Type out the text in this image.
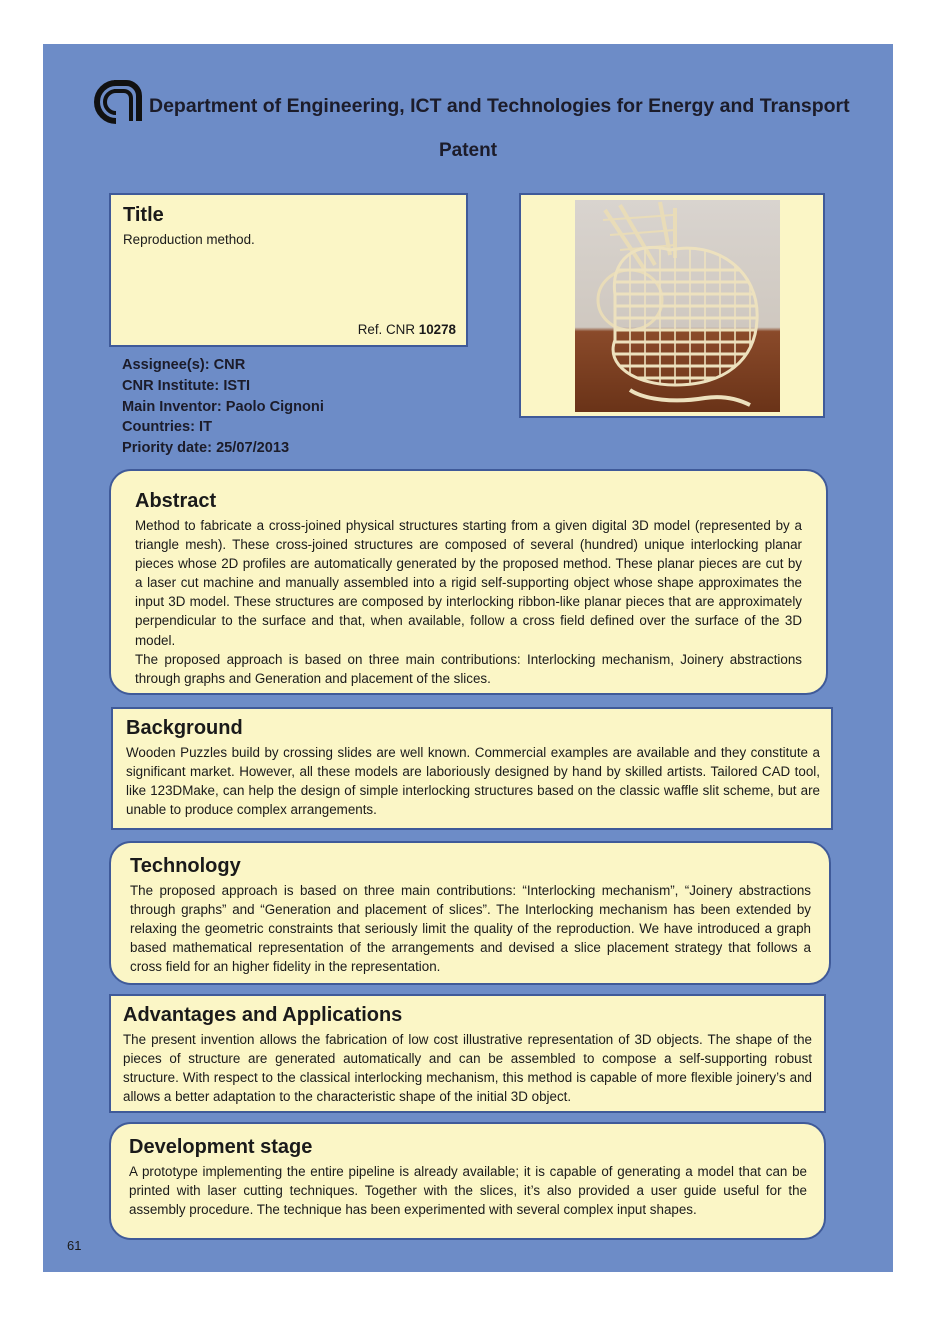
Department of Engineering, ICT and Technologies for Energy and Transport
Patent
Title

Reproduction method.

Ref. CNR 10278
Assignee(s): CNR
CNR Institute: ISTI
Main Inventor: Paolo Cignoni
Countries: IT
Priority date: 25/07/2013
Abstract

Method to fabricate a cross-joined physical structures starting from a given digital 3D model (represented by a triangle mesh). These cross-joined structures are composed of several (hundred) unique interlocking planar pieces whose 2D profiles are automatically generated by the proposed method. These planar pieces are cut by a laser cut machine and manually assembled into a rigid self-supporting object whose shape approximates the input 3D model. These structures are composed by interlocking ribbon-like planar pieces that are approximately perpendicular to the surface and that, when available, follow a cross field defined over the surface of the 3D model.

The proposed approach is based on three main contributions: Interlocking mechanism, Joinery abstractions through graphs and Generation and placement of the slices.

Background

Wooden Puzzles build by crossing slides are well known. Commercial examples are available and they constitute a significant market. However, all these models are laboriously designed by hand by skilled artists. Tailored CAD tool, like 123DMake, can help the design of simple interlocking structures based on the classic waffle slit scheme, but are unable to produce complex arrangements.

Technology

The proposed approach is based on three main contributions: “Interlocking mechanism”, “Joinery abstractions through graphs” and “Generation and placement of slices”. The Interlocking mechanism has been extended by relaxing the geometric constraints that seriously limit the quality of the reproduction. We have introduced a graph based mathematical representation of the arrangements and devised a slice placement strategy that follows a cross field for an higher fidelity in the representation.

Advantages and Applications

The present invention allows the fabrication of low cost illustrative representation of 3D objects. The shape of the pieces of structure are generated automatically and can be assembled to compose a self-supporting robust structure. With respect to the classical interlocking mechanism, this method is capable of more flexible joinery’s and allows a better adaptation to the characteristic shape of the initial 3D object.

Development stage

A prototype implementing the entire pipeline is already available; it is capable of generating a model that can be printed with laser cutting techniques. Together with the slices, it’s also provided a user guide useful for the assembly procedure. The technique has been experimented with several complex input shapes.

61
